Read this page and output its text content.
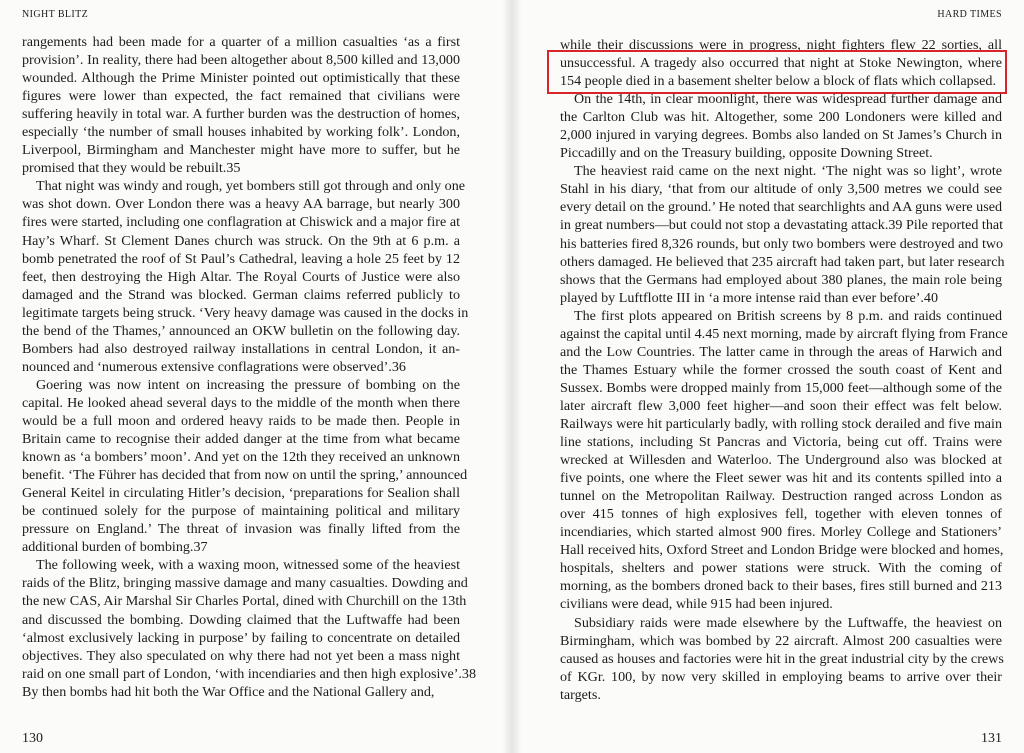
NIGHT BLITZ
rangements had been made for a quarter of a million casualties ‘as a first
provision’. In reality, there had been altogether about 8,500 killed and 13,000
wounded. Although the Prime Minister pointed out optimistically that these
figures were lower than expected, the fact remained that civilians were
suffering heavily in total war. A further burden was the destruction of homes,
especially ‘the number of small houses inhabited by working folk’. London,
Liverpool, Birmingham and Manchester might have more to suffer, but he
promised that they would be rebuilt.35
That night was windy and rough, yet bombers still got through and only one
was shot down. Over London there was a heavy AA barrage, but nearly 300
fires were started, including one conflagration at Chiswick and a major fire at
Hay’s Wharf. St Clement Danes church was struck. On the 9th at 6 p.m. a
bomb penetrated the roof of St Paul’s Cathedral, leaving a hole 25 feet by 12
feet, then destroying the High Altar. The Royal Courts of Justice were also
damaged and the Strand was blocked. German claims referred publicly to
legitimate targets being struck. ‘Very heavy damage was caused in the docks in
the bend of the Thames,’ announced an OKW bulletin on the following day.
Bombers had also destroyed railway installations in central London, it an-
nounced and ‘numerous extensive conflagrations were observed’.36
Goering was now intent on increasing the pressure of bombing on the
capital. He looked ahead several days to the middle of the month when there
would be a full moon and ordered heavy raids to be made then. People in
Britain came to recognise their added danger at the time from what became
known as ‘a bombers’ moon’. And yet on the 12th they received an unknown
benefit. ‘The Führer has decided that from now on until the spring,’ announced
General Keitel in circulating Hitler’s decision, ‘preparations for Sealion shall
be continued solely for the purpose of maintaining political and military
pressure on England.’ The threat of invasion was finally lifted from the
additional burden of bombing.37
The following week, with a waxing moon, witnessed some of the heaviest
raids of the Blitz, bringing massive damage and many casualties. Dowding and
the new CAS, Air Marshal Sir Charles Portal, dined with Churchill on the 13th
and discussed the bombing. Dowding claimed that the Luftwaffe had been
‘almost exclusively lacking in purpose’ by failing to concentrate on detailed
objectives. They also speculated on why there had not yet been a mass night
raid on one small part of London, ‘with incendiaries and then high explosive’.38
By then bombs had hit both the War Office and the National Gallery and,
130
HARD TIMES
while their discussions were in progress, night fighters flew 22 sorties, all
unsuccessful. A tragedy also occurred that night at Stoke Newington, where
154 people died in a basement shelter below a block of flats which collapsed.
On the 14th, in clear moonlight, there was widespread further damage and
the Carlton Club was hit. Altogether, some 200 Londoners were killed and
2,000 injured in varying degrees. Bombs also landed on St James’s Church in
Piccadilly and on the Treasury building, opposite Downing Street.
The heaviest raid came on the next night. ‘The night was so light’, wrote
Stahl in his diary, ‘that from our altitude of only 3,500 metres we could see
every detail on the ground.’ He noted that searchlights and AA guns were used
in great numbers—but could not stop a devastating attack.39 Pile reported that
his batteries fired 8,326 rounds, but only two bombers were destroyed and two
others damaged. He believed that 235 aircraft had taken part, but later research
shows that the Germans had employed about 380 planes, the main role being
played by Luftflotte III in ‘a more intense raid than ever before’.40
The first plots appeared on British screens by 8 p.m. and raids continued
against the capital until 4.45 next morning, made by aircraft flying from France
and the Low Countries. The latter came in through the areas of Harwich and
the Thames Estuary while the former crossed the south coast of Kent and
Sussex. Bombs were dropped mainly from 15,000 feet—although some of the
later aircraft flew 3,000 feet higher—and soon their effect was felt below.
Railways were hit particularly badly, with rolling stock derailed and five main
line stations, including St Pancras and Victoria, being cut off. Trains were
wrecked at Willesden and Waterloo. The Underground also was blocked at
five points, one where the Fleet sewer was hit and its contents spilled into a
tunnel on the Metropolitan Railway. Destruction ranged across London as
over 415 tonnes of high explosives fell, together with eleven tonnes of
incendiaries, which started almost 900 fires. Morley College and Stationers’
Hall received hits, Oxford Street and London Bridge were blocked and homes,
hospitals, shelters and power stations were struck. With the coming of
morning, as the bombers droned back to their bases, fires still burned and 213
civilians were dead, while 915 had been injured.
Subsidiary raids were made elsewhere by the Luftwaffe, the heaviest on
Birmingham, which was bombed by 22 aircraft. Almost 200 casualties were
caused as houses and factories were hit in the great industrial city by the crews
of KGr. 100, by now very skilled in employing beams to arrive over their
targets.
131
